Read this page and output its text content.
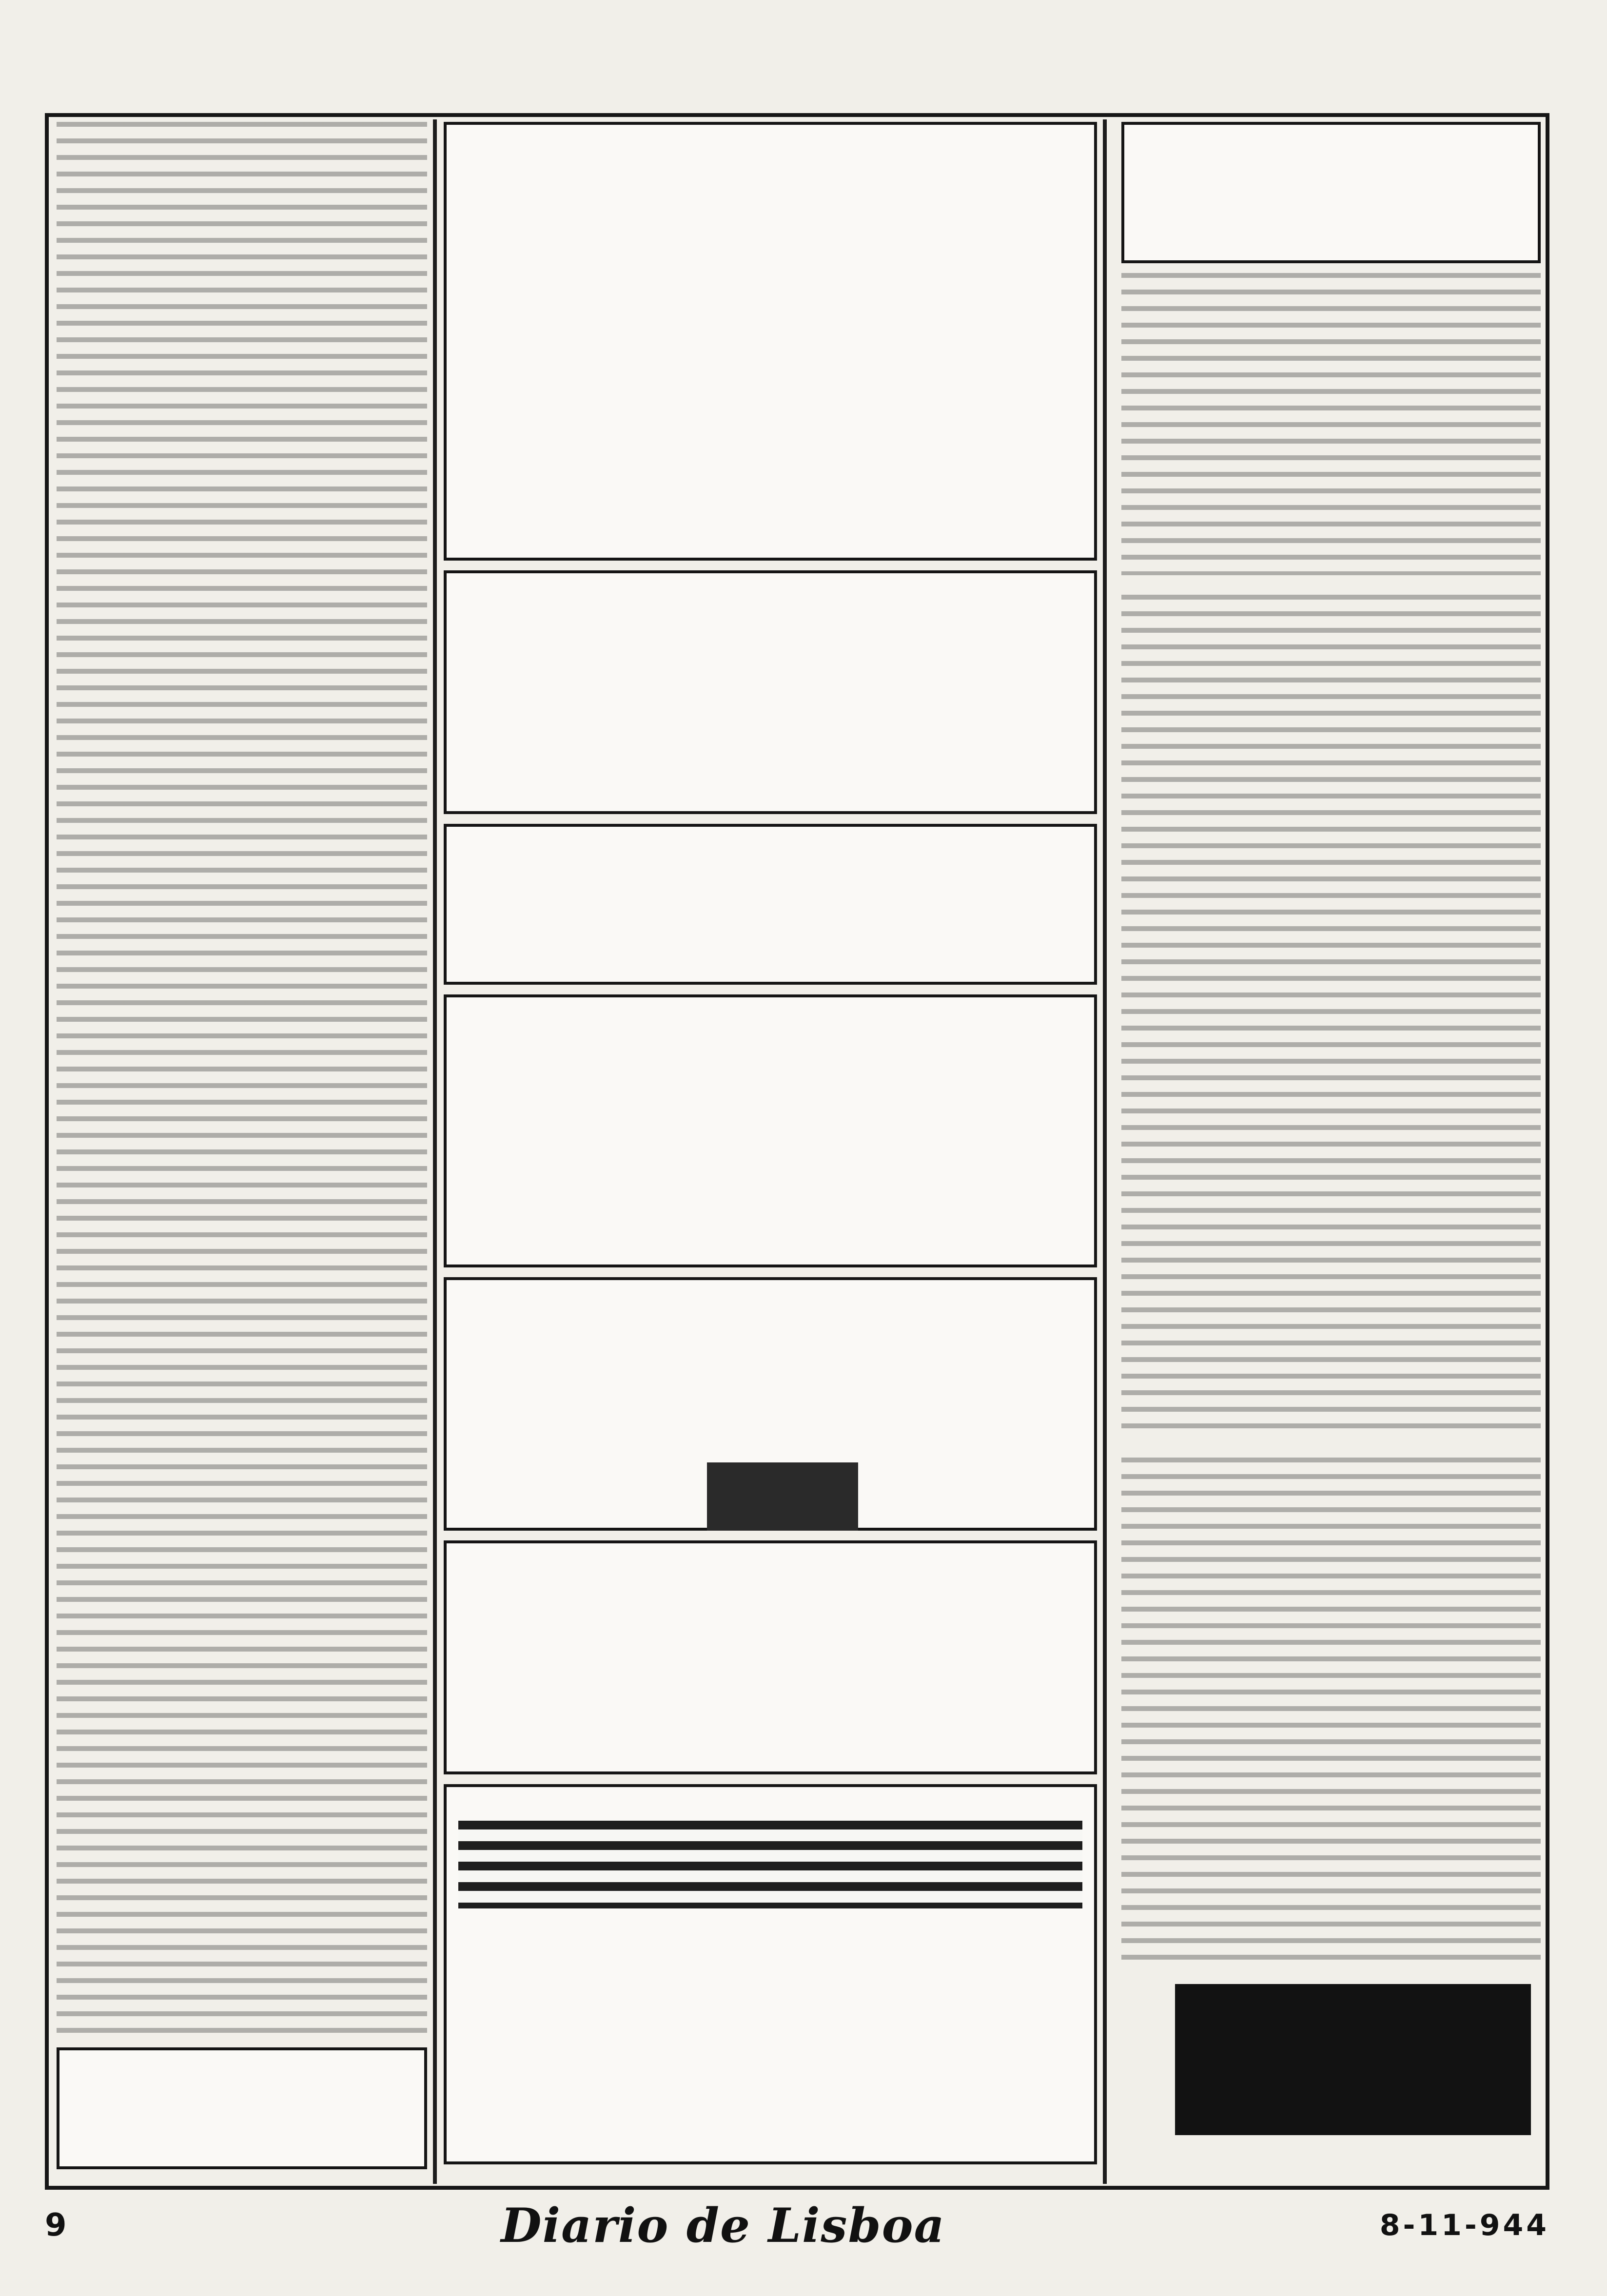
9	Diario de Lisboa	8-11-944
